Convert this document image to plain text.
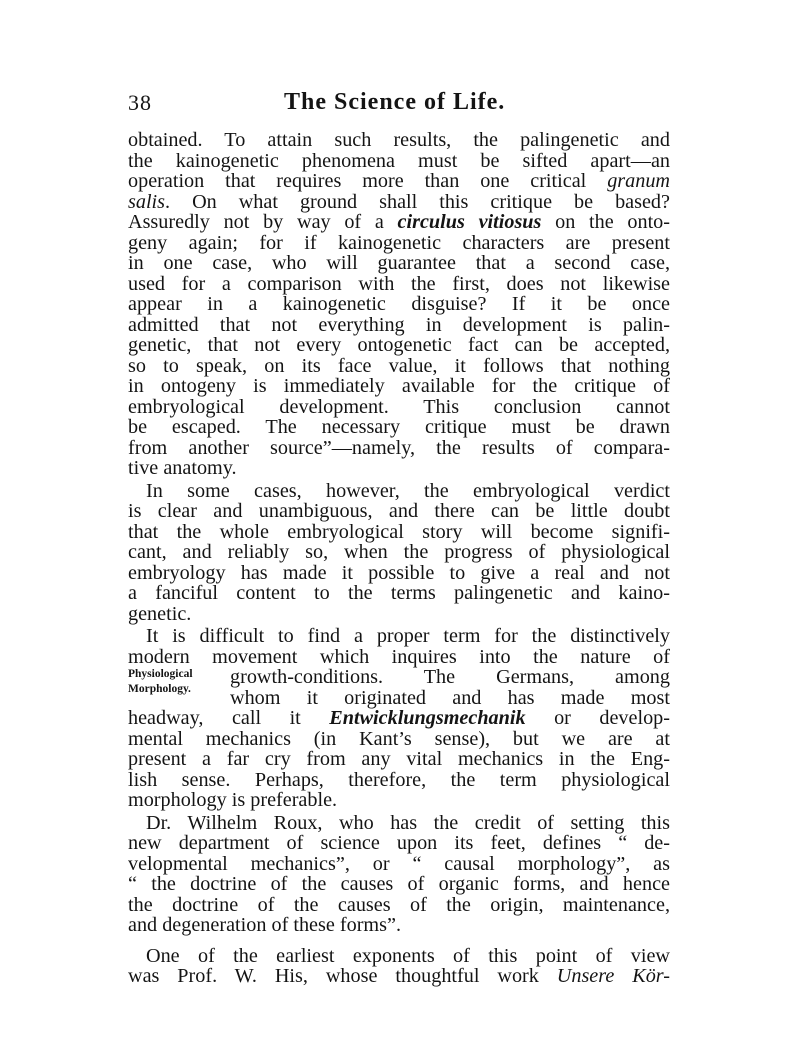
38	The Science of Life.
Physiological
Morphology.
obtained. To attain such results, the palingenetic and
the kainogenetic phenomena must be sifted apart—an
operation that requires more than one critical granum
salis. On what ground shall this critique be based?
Assuredly not by way of a circulus vitiosus on the onto-
geny again; for if kainogenetic characters are present
in one case, who will guarantee that a second case,
used for a comparison with the first, does not likewise
appear in a kainogenetic disguise? If it be once
admitted that not everything in development is palin-
genetic, that not every ontogenetic fact can be accepted,
so to speak, on its face value, it follows that nothing
in ontogeny is immediately available for the critique of
embryological development. This conclusion cannot
be escaped. The necessary critique must be drawn
from another source”—namely, the results of compara-
tive anatomy.
In some cases, however, the embryological verdict
is clear and unambiguous, and there can be little doubt
that the whole embryological story will become signifi-
cant, and reliably so, when the progress of physiological
embryology has made it possible to give a real and not
a fanciful content to the terms palingenetic and kaino-
genetic.
It is difficult to find a proper term for the distinctively
modern movement which inquires into the nature of
growth-conditions. The Germans, among
whom it originated and has made most
headway, call it Entwicklungsmechanik or develop-
mental mechanics (in Kant’s sense), but we are at
present a far cry from any vital mechanics in the Eng-
lish sense. Perhaps, therefore, the term physiological
morphology is preferable.
Dr. Wilhelm Roux, who has the credit of setting this
new department of science upon its feet, defines “ de-
velopmental mechanics”, or “ causal morphology”, as
“ the doctrine of the causes of organic forms, and hence
the doctrine of the causes of the origin, maintenance,
and degeneration of these forms”.
One of the earliest exponents of this point of view
was Prof. W. His, whose thoughtful work Unsere Kör-
